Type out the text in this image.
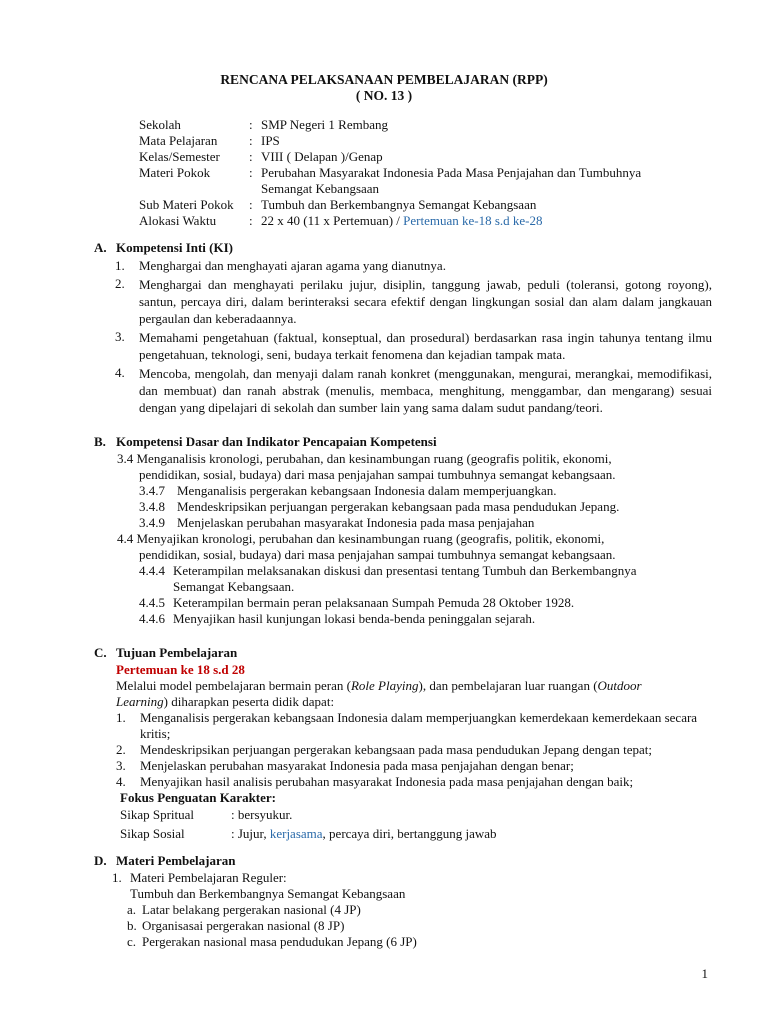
RENCANA PELAKSANAAN PEMBELAJARAN (RPP)
( NO. 13 )
Sekolah	: SMP Negeri 1 Rembang
Mata Pelajaran	: IPS
Kelas/Semester	: VIII ( Delapan )/Genap
Materi Pokok	: Perubahan Masyarakat Indonesia Pada Masa Penjajahan dan Tumbuhnya Semangat Kebangsaan
Sub Materi Pokok	: Tumbuh dan Berkembangnya Semangat Kebangsaan
Alokasi Waktu	: 22 x 40 (11 x Pertemuan) / Pertemuan ke-18 s.d ke-28
A. Kompetensi Inti (KI)
1. Menghargai dan menghayati ajaran agama yang dianutnya.

2. Menghargai dan menghayati perilaku jujur, disiplin, tanggung jawab, peduli (toleransi, gotong royong), santun, percaya diri, dalam berinteraksi secara efektif dengan lingkungan sosial dan alam dalam jangkauan pergaulan dan keberadaannya.

3. Memahami pengetahuan (faktual, konseptual, dan prosedural) berdasarkan rasa ingin tahunya tentang ilmu pengetahuan, teknologi, seni, budaya terkait fenomena dan kejadian tampak mata.

4. Mencoba, mengolah, dan menyaji dalam ranah konkret (menggunakan, mengurai, merangkai, memodifikasi, dan membuat) dan ranah abstrak (menulis, membaca, menghitung, menggambar, dan mengarang) sesuai dengan yang dipelajari di sekolah dan sumber lain yang sama dalam sudut pandang/teori.

B. Kompetensi Dasar dan Indikator Pencapaian Kompetensi

3.4 Menganalisis kronologi, perubahan, dan kesinambungan ruang (geografis politik, ekonomi,

pendidikan, sosial, budaya) dari masa penjajahan sampai tumbuhnya semangat kebangsaan.

3.4.7 Menganalisis pergerakan kebangsaan Indonesia dalam memperjuangkan.
3.4.8 Mendeskripsikan perjuangan pergerakan kebangsaan pada masa pendudukan Jepang.
3.4.9 Menjelaskan perubahan masyarakat Indonesia pada masa penjajahan

4.4 Menyajikan kronologi, perubahan dan kesinambungan ruang (geografis, politik, ekonomi,

pendidikan, sosial, budaya) dari masa penjajahan sampai tumbuhnya semangat kebangsaan.

4.4.4 Keterampilan melaksanakan diskusi dan presentasi tentang Tumbuh dan Berkembangnya
Semangat Kebangsaan.
4.4.5 Keterampilan bermain peran pelaksanaan Sumpah Pemuda 28 Oktober 1928.
4.4.6 Menyajikan hasil kunjungan lokasi benda-benda peninggalan sejarah.
C. Tujuan Pembelajaran

Pertemuan ke 18 s.d 28

Melalui model pembelajaran bermain peran (Role Playing), dan pembelajaran luar ruangan (Outdoor

Learning) diharapkan peserta didik dapat:

1. Menganalisis pergerakan kebangsaan Indonesia dalam memperjuangkan kemerdekaan kemerdekaan secara kritis;

2. Mendeskripsikan perjuangan pergerakan kebangsaan pada masa pendudukan Jepang dengan tepat;

3. Menjelaskan perubahan masyarakat Indonesia pada masa penjajahan dengan benar;

4. Menyajikan hasil analisis perubahan masyarakat Indonesia pada masa penjajahan dengan baik;

Fokus Penguatan Karakter:

Sikap Spritual	: bersyukur.
Sikap Sosial	: Jujur, kerjasama, percaya diri, bertanggung jawab
D. Materi Pembelajaran
1. Materi Pembelajaran Reguler:

Tumbuh dan Berkembangnya Semangat Kebangsaan

a. Latar belakang pergerakan nasional (4 JP)
b. Organisasai pergerakan nasional (8 JP)
c. Pergerakan nasional masa pendudukan Jepang (6 JP)
1
